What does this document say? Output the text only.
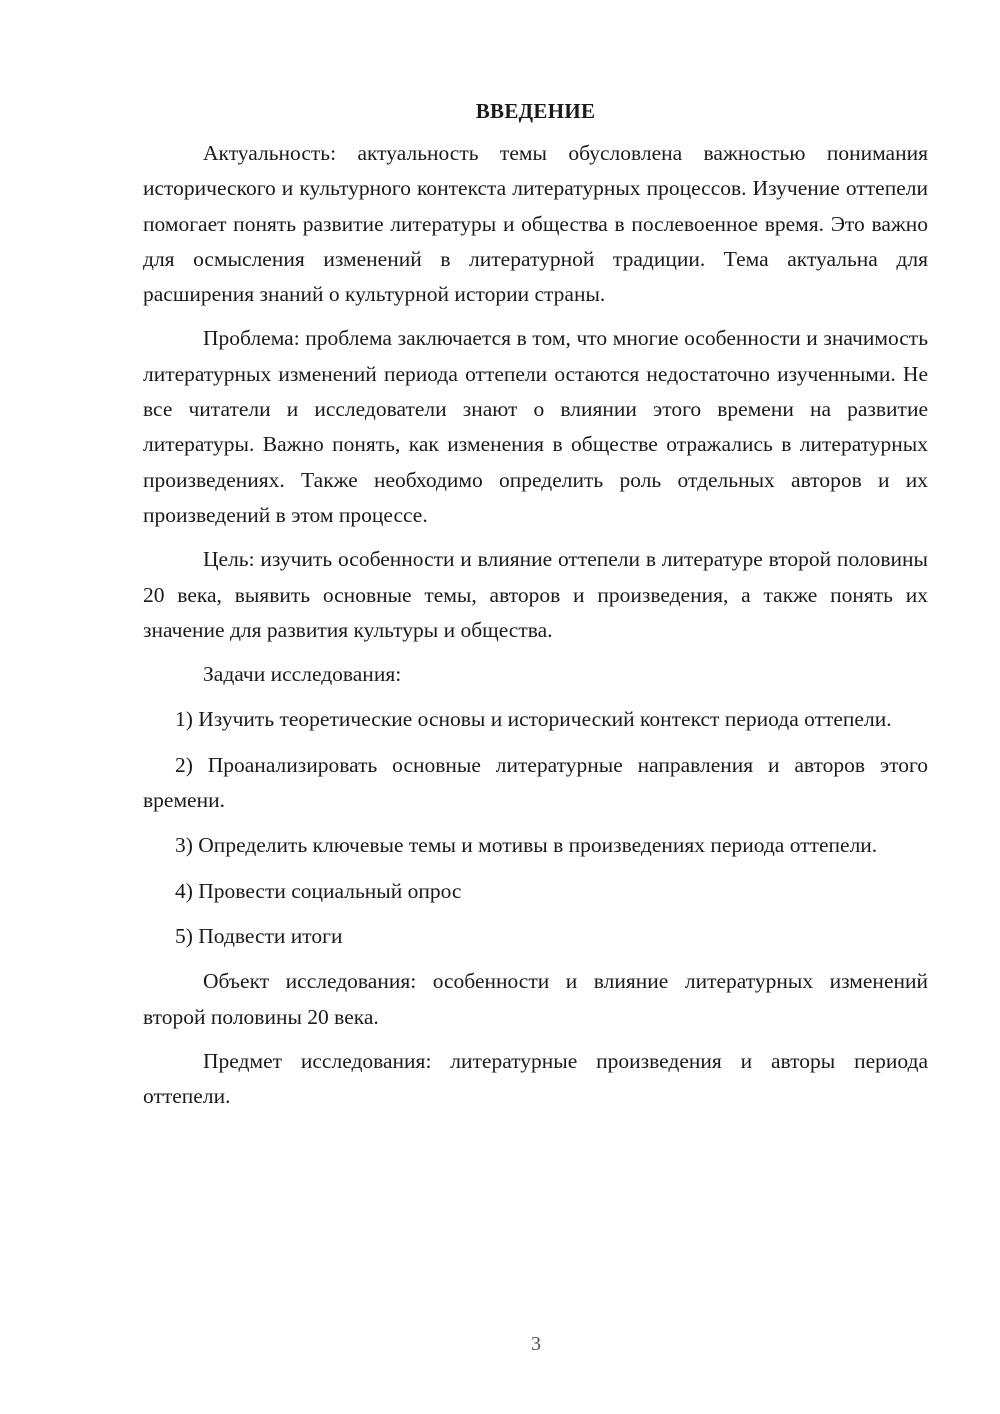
ВВЕДЕНИЕ

Актуальность: актуальность темы обусловлена важностью понимания исторического и культурного контекста литературных процессов. Изучение оттепели помогает понять развитие литературы и общества в послевоенное время. Это важно для осмысления изменений в литературной традиции. Тема актуальна для расширения знаний о культурной истории страны.

Проблема: проблема заключается в том, что многие особенности и значимость литературных изменений периода оттепели остаются недостаточно изученными. Не все читатели и исследователи знают о влиянии этого времени на развитие литературы. Важно понять, как изменения в обществе отражались в литературных произведениях. Также необходимо определить роль отдельных авторов и их произведений в этом процессе.

Цель: изучить особенности и влияние оттепели в литературе второй половины 20 века, выявить основные темы, авторов и произведения, а также понять их значение для развития культуры и общества.

Задачи исследования:

1) Изучить теоретические основы и исторический контекст периода оттепели.

2) Проанализировать основные литературные направления и авторов этого времени.

3) Определить ключевые темы и мотивы в произведениях периода оттепели.

4) Провести социальный опрос

5) Подвести итоги

Объект исследования: особенности и влияние литературных изменений второй половины 20 века.

Предмет исследования: литературные произведения и авторы периода оттепели.

3
